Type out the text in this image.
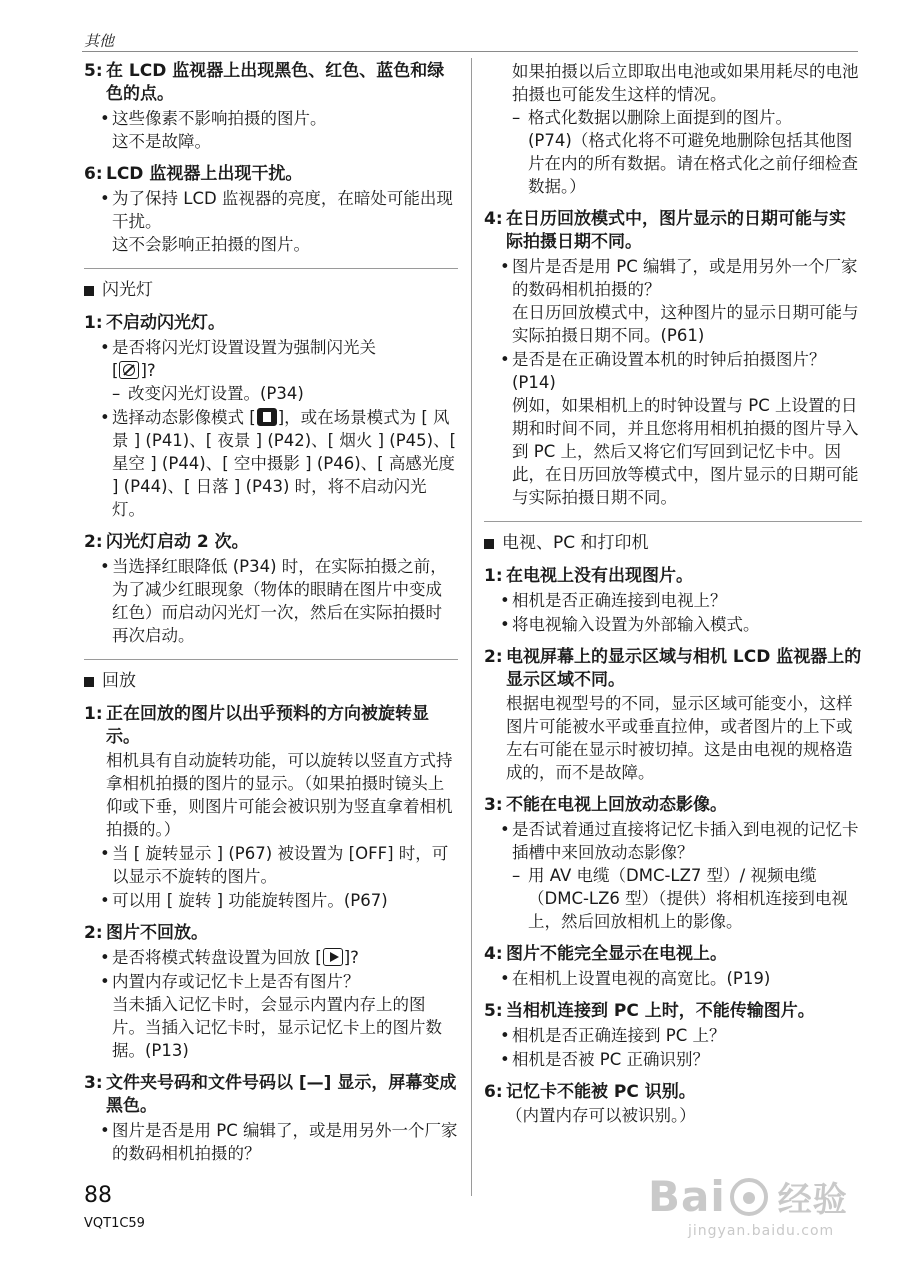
其他
5: 在 LCD 监视器上出现黑色、红色、蓝色和绿色的点。
• 这些像素不影响拍摄的图片。
这不是故障。
6: LCD 监视器上出现干扰。
• 为了保持 LCD 监视器的亮度，在暗处可能出现干扰。
这不会影响正拍摄的图片。
闪光灯
1: 不启动闪光灯。
• 是否将闪光灯设置设置为强制闪光关
[ ]?
– 改变闪光灯设置。(P34)
• 选择动态影像模式 [ ]，或在场景模式为 [ 风景 ] (P41)、[ 夜景 ] (P42)、[ 烟火 ] (P45)、[ 星空 ] (P44)、[ 空中摄影 ] (P46)、[ 高感光度 ] (P44)、[ 日落 ] (P43) 时，将不启动闪光灯。
2: 闪光灯启动 2 次。
• 当选择红眼降低 (P34) 时，在实际拍摄之前，为了减少红眼现象（物体的眼睛在图片中变成红色）而启动闪光灯一次，然后在实际拍摄时再次启动。
回放
1: 正在回放的图片以出乎预料的方向被旋转显示。
相机具有自动旋转功能，可以旋转以竖直方式持拿相机拍摄的图片的显示。（如果拍摄时镜头上仰或下垂，则图片可能会被识别为竖直拿着相机拍摄的。）
• 当 [ 旋转显示 ] (P67) 被设置为 [OFF] 时，可以显示不旋转的图片。
• 可以用 [ 旋转 ] 功能旋转图片。(P67)
2: 图片不回放。
• 是否将模式转盘设置为回放 [ ]?
• 内置内存或记忆卡上是否有图片？
当未插入记忆卡时，会显示内置内存上的图片。当插入记忆卡时，显示记忆卡上的图片数据。(P13)
3: 文件夹号码和文件号码以 [—] 显示，屏幕变成黑色。
• 图片是否是用 PC 编辑了，或是用另外一个厂家的数码相机拍摄的？
如果拍摄以后立即取出电池或如果用耗尽的电池拍摄也可能发生这样的情况。
– 格式化数据以删除上面提到的图片。
(P74)（格式化将不可避免地删除包括其他图片在内的所有数据。请在格式化之前仔细检查数据。）
4: 在日历回放模式中，图片显示的日期可能与实际拍摄日期不同。
• 图片是否是用 PC 编辑了，或是用另外一个厂家的数码相机拍摄的？
在日历回放模式中，这种图片的显示日期可能与实际拍摄日期不同。(P61)
• 是否是在正确设置本机的时钟后拍摄图片？ (P14)
例如，如果相机上的时钟设置与 PC 上设置的日期和时间不同，并且您将用相机拍摄的图片导入到 PC 上，然后又将它们写回到记忆卡中。因此，在日历回放等模式中，图片显示的日期可能与实际拍摄日期不同。
电视、PC 和打印机
1: 在电视上没有出现图片。
• 相机是否正确连接到电视上？
• 将电视输入设置为外部输入模式。
2: 电视屏幕上的显示区域与相机 LCD 监视器上的显示区域不同。
根据电视型号的不同，显示区域可能变小，这样图片可能被水平或垂直拉伸，或者图片的上下或左右可能在显示时被切掉。这是由电视的规格造成的，而不是故障。
3: 不能在电视上回放动态影像。
• 是否试着通过直接将记忆卡插入到电视的记忆卡插槽中来回放动态影像？
– 用 AV 电缆（DMC-LZ7 型）/ 视频电缆（DMC-LZ6 型）（提供）将相机连接到电视上，然后回放相机上的影像。
4: 图片不能完全显示在电视上。
• 在相机上设置电视的高宽比。(P19)
5: 当相机连接到 PC 上时，不能传输图片。
• 相机是否正确连接到 PC 上？
• 相机是否被 PC 正确识别？
6: 记忆卡不能被 PC 识别。
（内置内存可以被识别。）
88
VQT1C59
Bai 经验
jingyan.baidu.com
